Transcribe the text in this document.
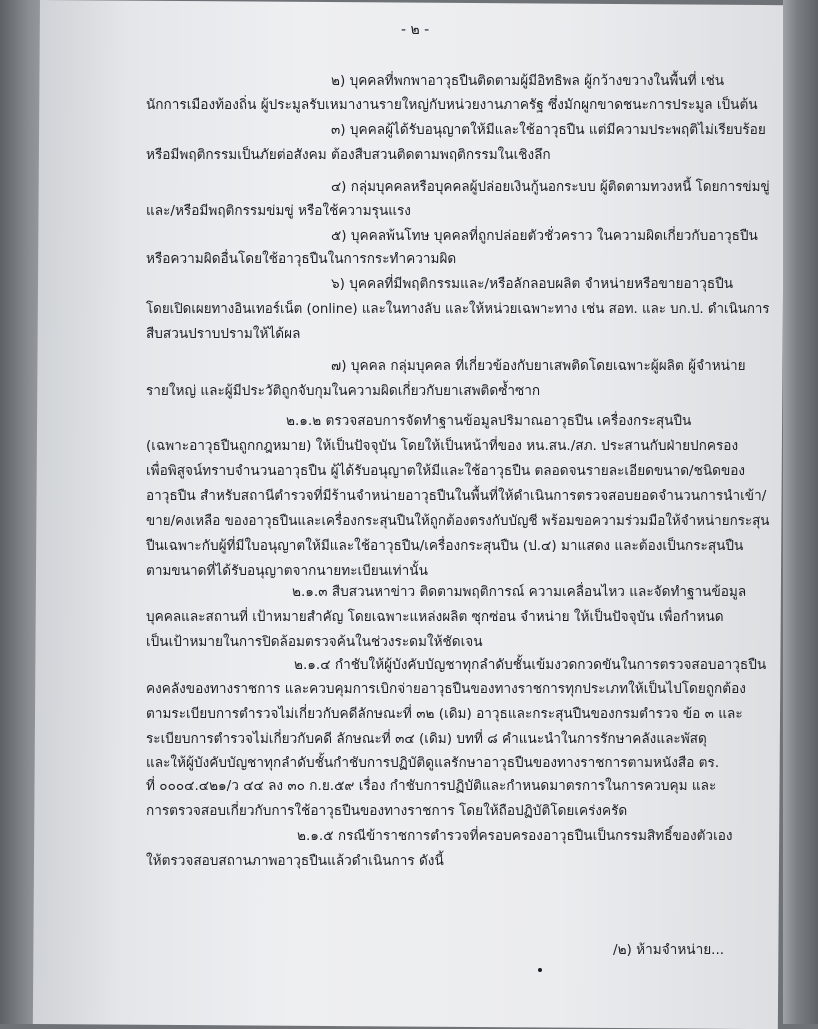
- ๒ -
๒) บุคคลที่พกพาอาวุธปืนติดตามผู้มีอิทธิพล ผู้กว้างขวางในพื้นที่ เช่น
นักการเมืองท้องถิ่น ผู้ประมูลรับเหมางานรายใหญ่กับหน่วยงานภาครัฐ ซึ่งมักผูกขาดชนะการประมูล เป็นต้น
๓) บุคคลผู้ได้รับอนุญาตให้มีและใช้อาวุธปืน แต่มีความประพฤติไม่เรียบร้อย
หรือมีพฤติกรรมเป็นภัยต่อสังคม ต้องสืบสวนติดตามพฤติกรรมในเชิงลึก
๔) กลุ่มบุคคลหรือบุคคลผู้ปล่อยเงินกู้นอกระบบ ผู้ติดตามทวงหนี้ โดยการข่มขู่
และ/หรือมีพฤติกรรมข่มขู่ หรือใช้ความรุนแรง
๕) บุคคลพ้นโทษ บุคคลที่ถูกปล่อยตัวชั่วคราว ในความผิดเกี่ยวกับอาวุธปืน
หรือความผิดอื่นโดยใช้อาวุธปืนในการกระทำความผิด
๖) บุคคลที่มีพฤติกรรมและ/หรือลักลอบผลิต จำหน่ายหรือขายอาวุธปืน
โดยเปิดเผยทางอินเทอร์เน็ต (online) และในทางลับ และให้หน่วยเฉพาะทาง เช่น สอท. และ บก.ป. ดำเนินการ
สืบสวนปราบปรามให้ได้ผล
๗) บุคคล กลุ่มบุคคล ที่เกี่ยวข้องกับยาเสพติดโดยเฉพาะผู้ผลิต ผู้จำหน่าย
รายใหญ่ และผู้มีประวัติถูกจับกุมในความผิดเกี่ยวกับยาเสพติดซ้ำซาก
๒.๑.๒ ตรวจสอบการจัดทำฐานข้อมูลปริมาณอาวุธปืน เครื่องกระสุนปืน
(เฉพาะอาวุธปืนถูกกฎหมาย) ให้เป็นปัจจุบัน โดยให้เป็นหน้าที่ของ หน.สน./สภ. ประสานกับฝ่ายปกครอง
เพื่อพิสูจน์ทราบจำนวนอาวุธปืน ผู้ได้รับอนุญาตให้มีและใช้อาวุธปืน ตลอดจนรายละเอียดขนาด/ชนิดของ
อาวุธปืน สำหรับสถานีตำรวจที่มีร้านจำหน่ายอาวุธปืนในพื้นที่ให้ดำเนินการตรวจสอบยอดจำนวนการนำเข้า/
ขาย/คงเหลือ ของอาวุธปืนและเครื่องกระสุนปืนให้ถูกต้องตรงกับบัญชี พร้อมขอความร่วมมือให้จำหน่ายกระสุน
ปืนเฉพาะกับผู้ที่มีใบอนุญาตให้มีและใช้อาวุธปืน/เครื่องกระสุนปืน (ป.๔) มาแสดง และต้องเป็นกระสุนปืน
ตามขนาดที่ได้รับอนุญาตจากนายทะเบียนเท่านั้น
๒.๑.๓ สืบสวนหาข่าว ติดตามพฤติการณ์ ความเคลื่อนไหว และจัดทำฐานข้อมูล
บุคคลและสถานที่ เป้าหมายสำคัญ โดยเฉพาะแหล่งผลิต ซุกซ่อน จำหน่าย ให้เป็นปัจจุบัน เพื่อกำหนด
เป็นเป้าหมายในการปิดล้อมตรวจค้นในช่วงระดมให้ชัดเจน
๒.๑.๔ กำชับให้ผู้บังคับบัญชาทุกลำดับชั้นเข้มงวดกวดขันในการตรวจสอบอาวุธปืน
คงคลังของทางราชการ และควบคุมการเบิกจ่ายอาวุธปืนของทางราชการทุกประเภทให้เป็นไปโดยถูกต้อง
ตามระเบียบการตำรวจไม่เกี่ยวกับคดีลักษณะที่ ๓๒ (เดิม) อาวุธและกระสุนปืนของกรมตำรวจ ข้อ ๓ และ
ระเบียบการตำรวจไม่เกี่ยวกับคดี ลักษณะที่ ๓๔ (เดิม) บทที่ ๘ คำแนะนำในการรักษาคลังและพัสดุ
และให้ผู้บังคับบัญชาทุกลำดับชั้นกำชับการปฏิบัติดูแลรักษาอาวุธปืนของทางราชการตามหนังสือ ตร.
ที่ ๐๐๐๔.๔๒๑/ว ๔๔ ลง ๓๐ ก.ย.๕๙ เรื่อง กำชับการปฏิบัติและกำหนดมาตรการในการควบคุม และ
การตรวจสอบเกี่ยวกับการใช้อาวุธปืนของทางราชการ โดยให้ถือปฏิบัติโดยเคร่งครัด
๒.๑.๕ กรณีข้าราชการตำรวจที่ครอบครองอาวุธปืนเป็นกรรมสิทธิ์ของตัวเอง
ให้ตรวจสอบสถานภาพอาวุธปืนแล้วดำเนินการ ดังนี้
/๒) ห้ามจำหน่าย...
